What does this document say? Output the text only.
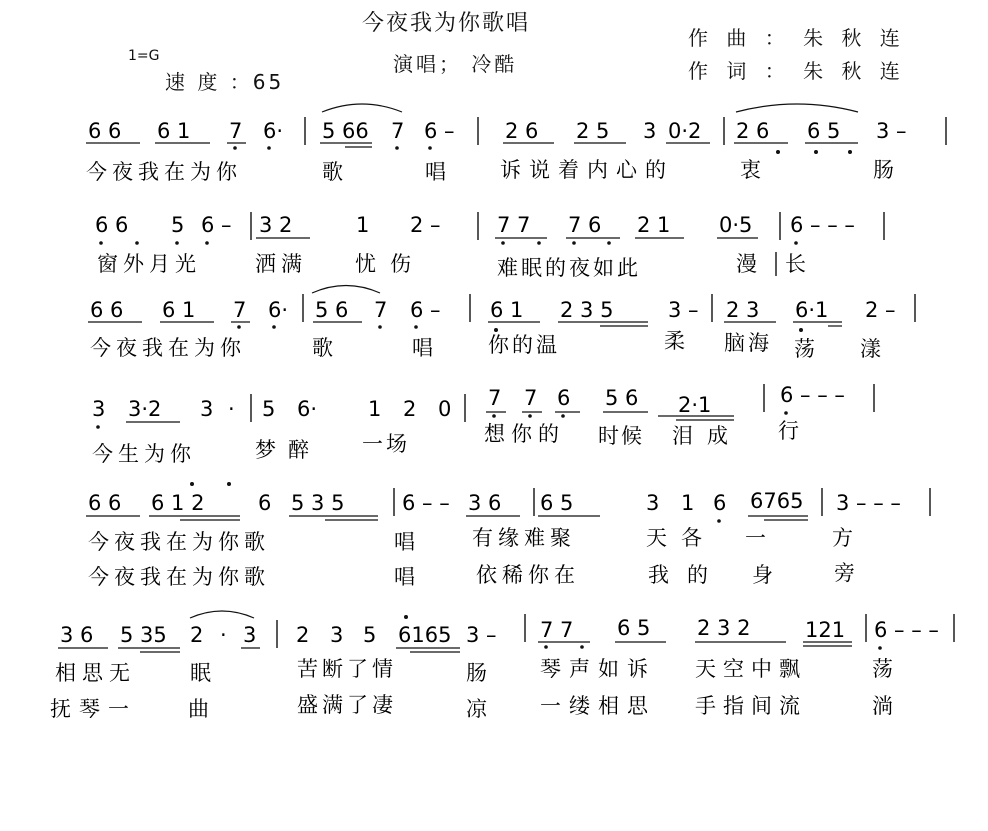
今夜我为你歌唱
演唱； 冷酷
作 曲 ： 朱 秋 连
作 词 ： 朱 秋 连
1=G
速 度 ：65
6 6 6 1 7 6· 5 66 7 6 – 2 6 2 5 3 0·2 2 6 6 5 3 –
今夜我在为你	歌	唱	诉说着内心的	衷	肠
6 6 5 6 – 3 2	1 2 –	7 7 7 6 2 1 0·5 6 – – –
窗外月光	洒满 忧伤	难眠的夜如此	漫 长
6 6 6 1 7 6· 5 6 7 6 – 6 1 2 3 5	3 – 2 3 6·1 2 –
今夜我在为你	歌	唱	你的温	柔 脑海 荡 漾
3 3·2 3 · 5 6· 1 2 0 7 7 6 5 6 2·1	6 – – –
今生为你	梦醉 一场	想你的 时候 泪成 行
6 6 6 1 2	6 5 3 5	6 – – 3 6 6 5	3 1 6 6765 3 – – –
今夜我在为你歌	唱	有缘难聚	天各 一	方
今夜我在为你歌	唱	依稀你在	我的 身	旁
3 6 5 35 2 · 3 2 3 5 6165 3 – 7 7 6 5 2 3 2	121 6 – – –
相思无	眠	苦断了情	肠	琴声如诉 天空中飘	荡
抚琴一 曲	盛满了凄	凉	一缕相思 手指间流	淌
